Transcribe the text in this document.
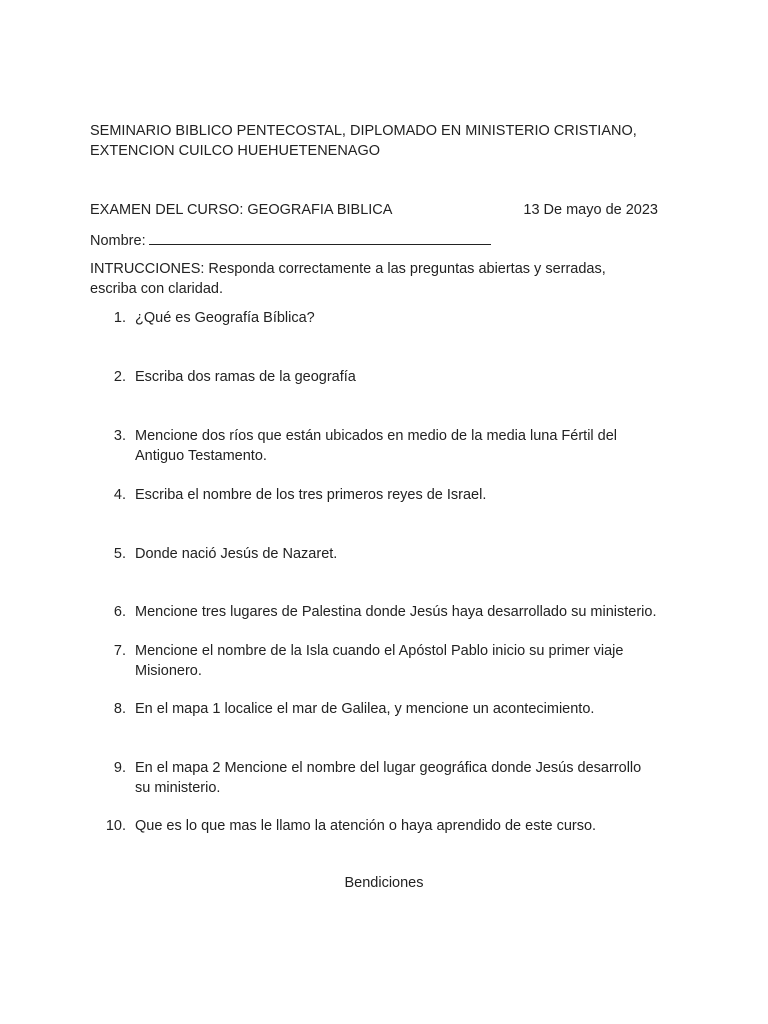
SEMINARIO BIBLICO PENTECOSTAL, DIPLOMADO EN MINISTERIO CRISTIANO,
EXTENCION CUILCO HUEHUETENENAGO
EXAMEN DEL CURSO: GEOGRAFIA BIBLICA	13 De mayo de 2023
Nombre:
INTRUCCIONES: Responda correctamente a las preguntas abiertas y serradas,
escriba con claridad.
1. ¿Qué es Geografía Bíblica?
2. Escriba dos ramas de la geografía
3. Mencione dos ríos que están ubicados en medio de la media luna Fértil del
Antiguo Testamento.
4. Escriba el nombre de los tres primeros reyes de Israel.
5. Donde nació Jesús de Nazaret.
6. Mencione tres lugares de Palestina donde Jesús haya desarrollado su ministerio.
7. Mencione el nombre de la Isla cuando el Apóstol Pablo inicio su primer viaje
Misionero.
8. En el mapa 1 localice el mar de Galilea, y mencione un acontecimiento.
9. En el mapa 2 Mencione el nombre del lugar geográfica donde Jesús desarrollo
su ministerio.
10. Que es lo que mas le llamo la atención o haya aprendido de este curso.
Bendiciones
